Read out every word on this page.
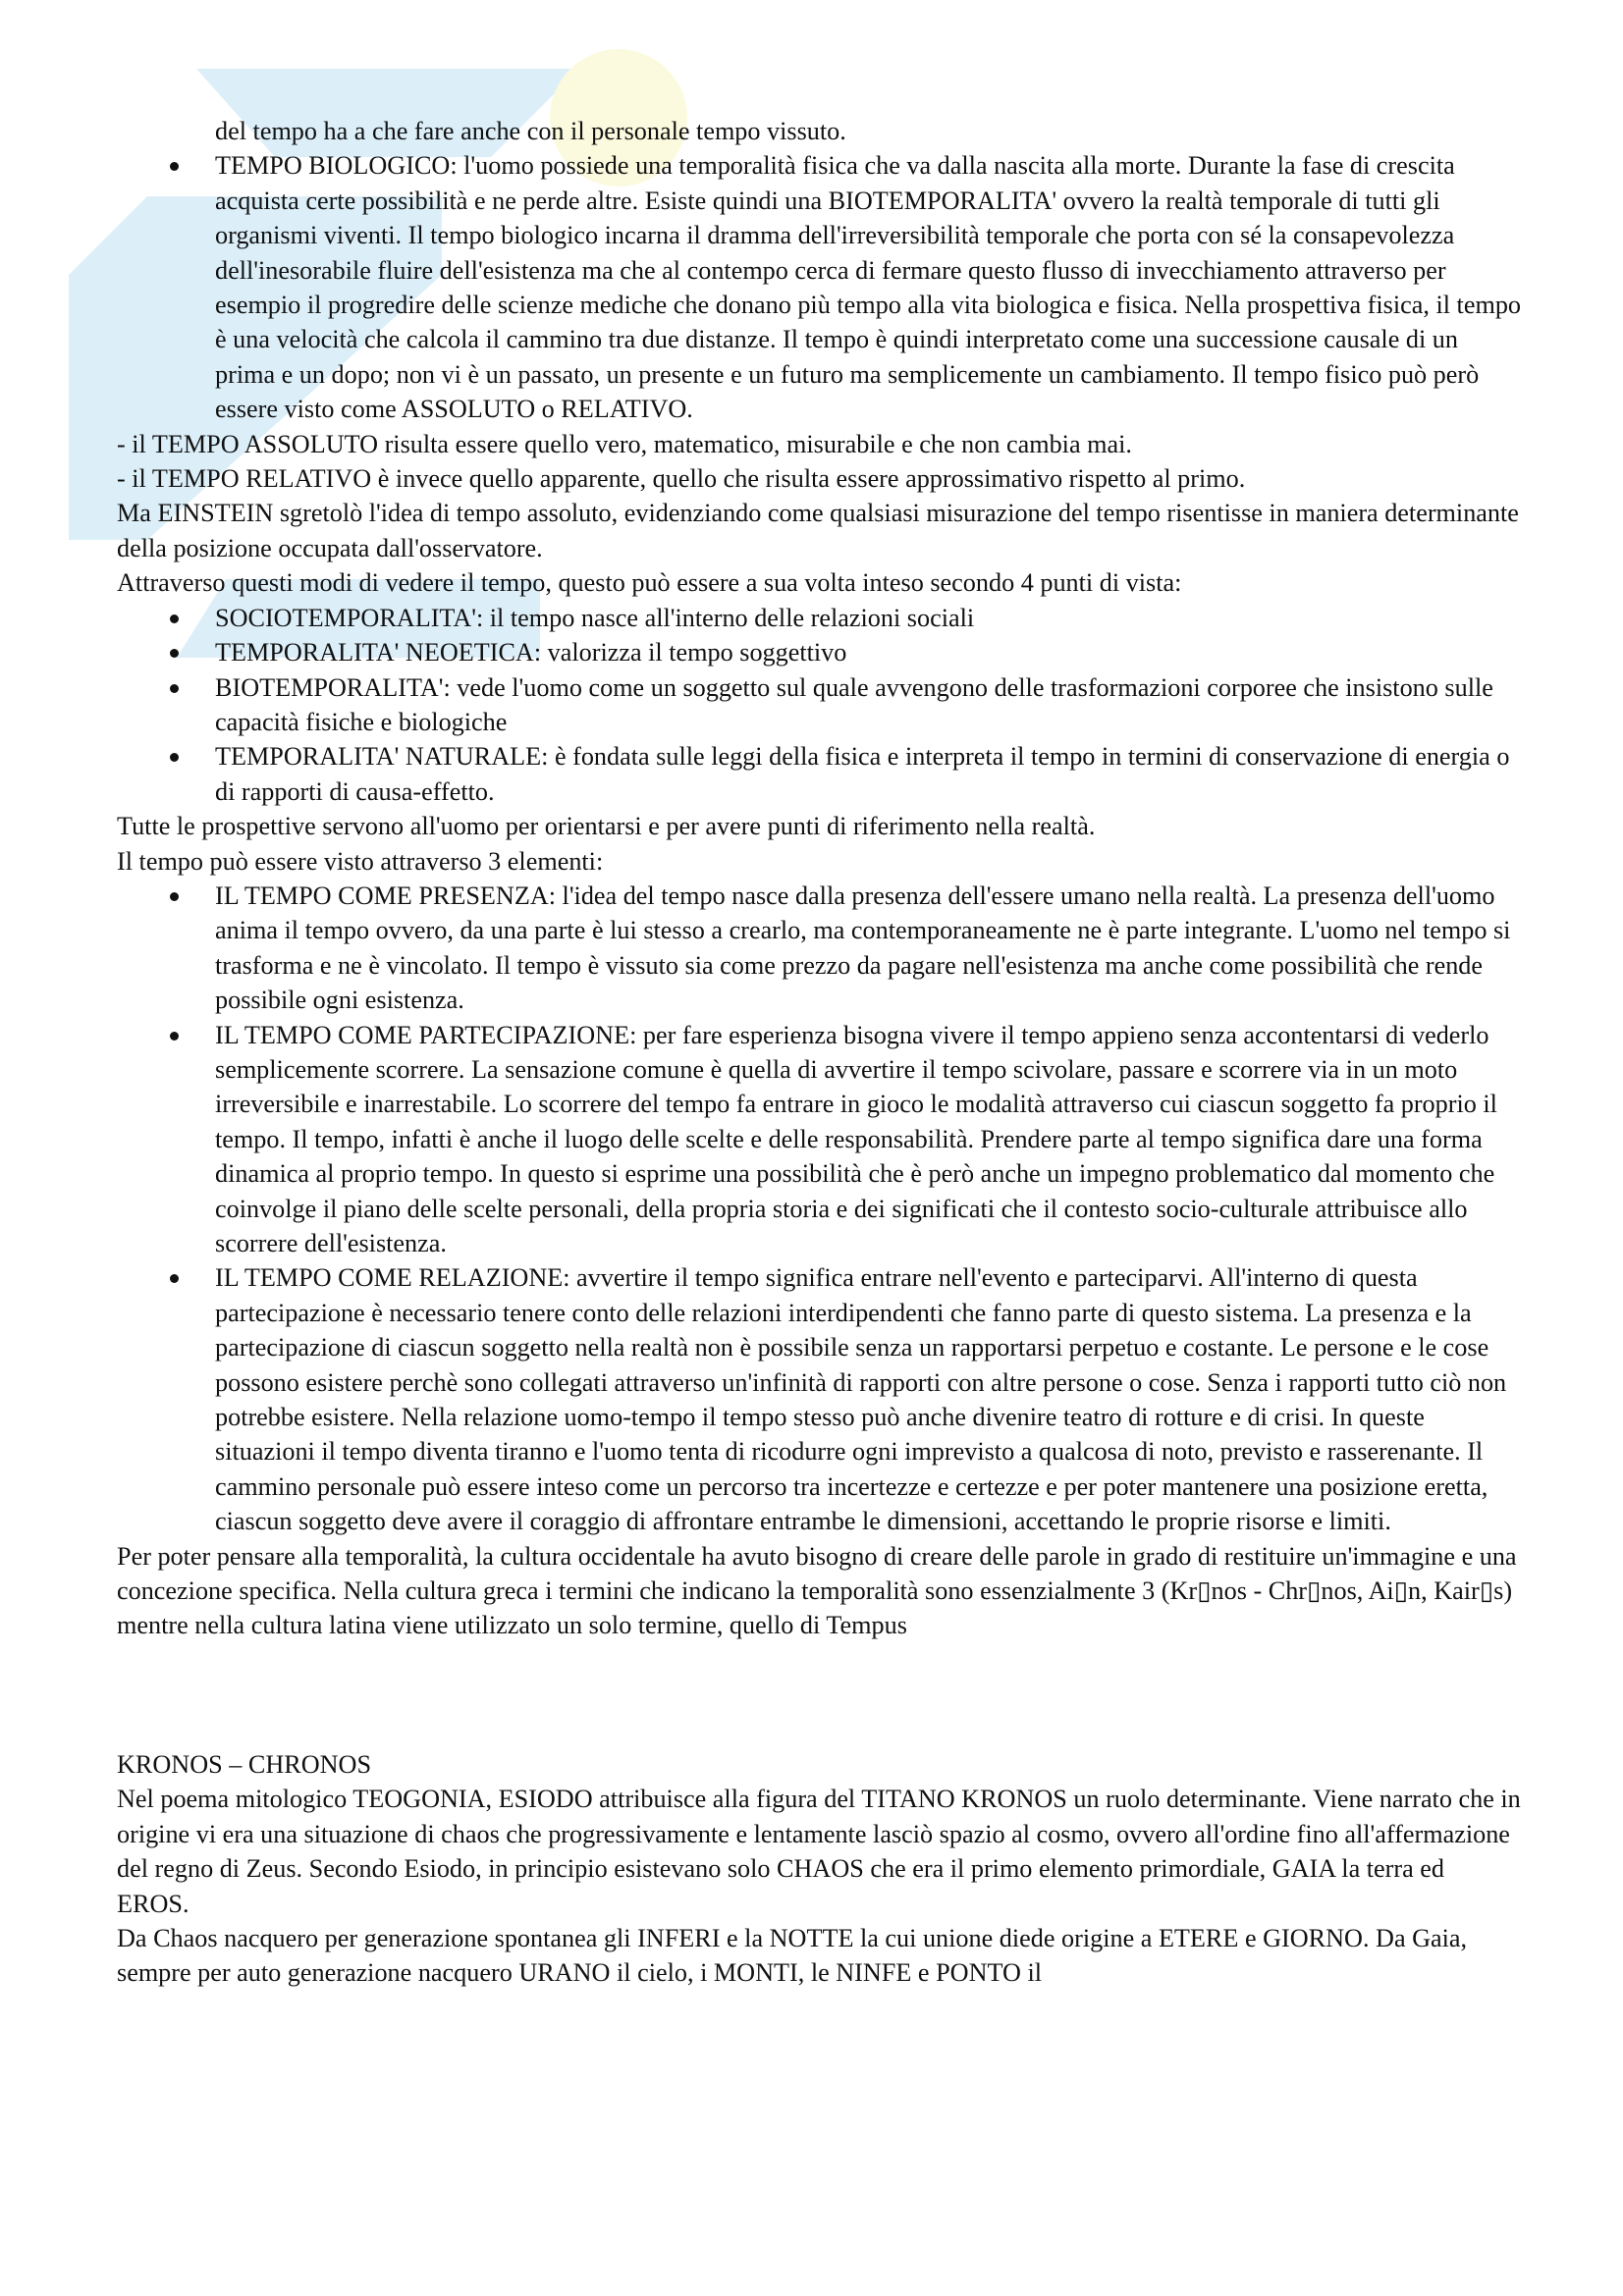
del tempo ha a che fare anche con il personale tempo vissuto.

TEMPO BIOLOGICO: l'uomo possiede una temporalità fisica che va dalla nascita alla morte. Durante la fase di crescita acquista certe possibilità e ne perde altre. Esiste quindi una BIOTEMPORALITA' ovvero la realtà temporale di tutti gli organismi viventi. Il tempo biologico incarna il dramma dell'irreversibilità temporale che porta con sé la consapevolezza dell'inesorabile fluire dell'esistenza ma che al contempo cerca di fermare questo flusso di invecchiamento attraverso per esempio il progredire delle scienze mediche che donano più tempo alla vita biologica e fisica. Nella prospettiva fisica, il tempo è una velocità che calcola il cammino tra due distanze. Il tempo è quindi interpretato come una successione causale di un prima e un dopo; non vi è un passato, un presente e un futuro ma semplicemente un cambiamento. Il tempo fisico può però essere visto come ASSOLUTO o RELATIVO.

- il TEMPO ASSOLUTO risulta essere quello vero, matematico, misurabile e che non cambia mai.

- il TEMPO RELATIVO è invece quello apparente, quello che risulta essere approssimativo rispetto al primo.

Ma EINSTEIN sgretolò l'idea di tempo assoluto, evidenziando come qualsiasi misurazione del tempo risentisse in maniera determinante della posizione occupata dall'osservatore.

Attraverso questi modi di vedere il tempo, questo può essere a sua volta inteso secondo 4 punti di vista:

SOCIOTEMPORALITA': il tempo nasce all'interno delle relazioni sociali
TEMPORALITA' NEOETICA: valorizza il tempo soggettivo
BIOTEMPORALITA': vede l'uomo come un soggetto sul quale avvengono delle trasformazioni corporee che insistono sulle capacità fisiche e biologiche
TEMPORALITA' NATURALE: è fondata sulle leggi della fisica e interpreta il tempo in termini di conservazione di energia o di rapporti di causa-effetto.

Tutte le prospettive servono all'uomo per orientarsi e per avere punti di riferimento nella realtà.

Il tempo può essere visto attraverso 3 elementi:

IL TEMPO COME PRESENZA: l'idea del tempo nasce dalla presenza dell'essere umano nella realtà. La presenza dell'uomo anima il tempo ovvero, da una parte è lui stesso a crearlo, ma contemporaneamente ne è parte integrante. L'uomo nel tempo si trasforma e ne è vincolato. Il tempo è vissuto sia come prezzo da pagare nell'esistenza ma anche come possibilità che rende possibile ogni esistenza.
IL TEMPO COME PARTECIPAZIONE: per fare esperienza bisogna vivere il tempo appieno senza accontentarsi di vederlo semplicemente scorrere. La sensazione comune è quella di avvertire il tempo scivolare, passare e scorrere via in un moto irreversibile e inarrestabile. Lo scorrere del tempo fa entrare in gioco le modalità attraverso cui ciascun soggetto fa proprio il tempo. Il tempo, infatti è anche il luogo delle scelte e delle responsabilità. Prendere parte al tempo significa dare una forma dinamica al proprio tempo. In questo si esprime una possibilità che è però anche un impegno problematico dal momento che coinvolge il piano delle scelte personali, della propria storia e dei significati che il contesto socio-culturale attribuisce allo scorrere dell'esistenza.
IL TEMPO COME RELAZIONE: avvertire il tempo significa entrare nell'evento e parteciparvi. All'interno di questa partecipazione è necessario tenere conto delle relazioni interdipendenti che fanno parte di questo sistema. La presenza e la partecipazione di ciascun soggetto nella realtà non è possibile senza un rapportarsi perpetuo e costante. Le persone e le cose possono esistere perchè sono collegati attraverso un'infinità di rapporti con altre persone o cose. Senza i rapporti tutto ciò non potrebbe esistere. Nella relazione uomo-tempo il tempo stesso può anche divenire teatro di rotture e di crisi. In queste situazioni il tempo diventa tiranno e l'uomo tenta di ricodurre ogni imprevisto a qualcosa di noto, previsto e rasserenante. Il cammino personale può essere inteso come un percorso tra incertezze e certezze e per poter mantenere una posizione eretta, ciascun soggetto deve avere il coraggio di affrontare entrambe le dimensioni, accettando le proprie risorse e limiti.

Per poter pensare alla temporalità, la cultura occidentale ha avuto bisogno di creare delle parole in grado di restituire un'immagine e una concezione specifica. Nella cultura greca i termini che indicano la temporalità sono essenzialmente 3 (Kr▯nos - Chr▯nos, Ai▯n, Kair▯s) mentre nella cultura latina viene utilizzato un solo termine, quello di Tempus

KRONOS – CHRONOS

Nel poema mitologico TEOGONIA, ESIODO attribuisce alla figura del TITANO KRONOS un ruolo determinante. Viene narrato che in origine vi era una situazione di chaos che progressivamente e lentamente lasciò spazio al cosmo, ovvero all'ordine fino all'affermazione del regno di Zeus. Secondo Esiodo, in principio esistevano solo CHAOS che era il primo elemento primordiale, GAIA la terra ed EROS.

Da Chaos nacquero per generazione spontanea gli INFERI e la NOTTE la cui unione diede origine a ETERE e GIORNO. Da Gaia, sempre per auto generazione nacquero URANO il cielo, i MONTI, le NINFE e PONTO il
